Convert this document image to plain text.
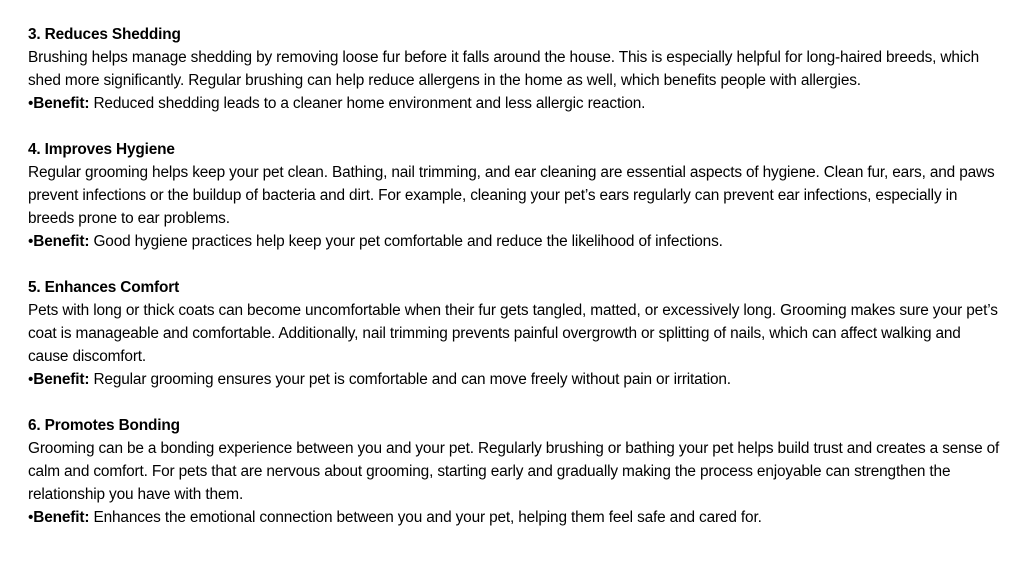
3. Reduces Shedding

Brushing helps manage shedding by removing loose fur before it falls around the house. This is especially helpful for long-haired breeds, which shed more significantly. Regular brushing can help reduce allergens in the home as well, which benefits people with allergies.

•Benefit: Reduced shedding leads to a cleaner home environment and less allergic reaction.

4. Improves Hygiene

Regular grooming helps keep your pet clean. Bathing, nail trimming, and ear cleaning are essential aspects of hygiene. Clean fur, ears, and paws prevent infections or the buildup of bacteria and dirt. For example, cleaning your pet’s ears regularly can prevent ear infections, especially in breeds prone to ear problems.

•Benefit: Good hygiene practices help keep your pet comfortable and reduce the likelihood of infections.

5. Enhances Comfort

Pets with long or thick coats can become uncomfortable when their fur gets tangled, matted, or excessively long. Grooming makes sure your pet’s coat is manageable and comfortable. Additionally, nail trimming prevents painful overgrowth or splitting of nails, which can affect walking and cause discomfort.

•Benefit: Regular grooming ensures your pet is comfortable and can move freely without pain or irritation.

6. Promotes Bonding

Grooming can be a bonding experience between you and your pet. Regularly brushing or bathing your pet helps build trust and creates a sense of calm and comfort. For pets that are nervous about grooming, starting early and gradually making the process enjoyable can strengthen the relationship you have with them.

•Benefit: Enhances the emotional connection between you and your pet, helping them feel safe and cared for.
